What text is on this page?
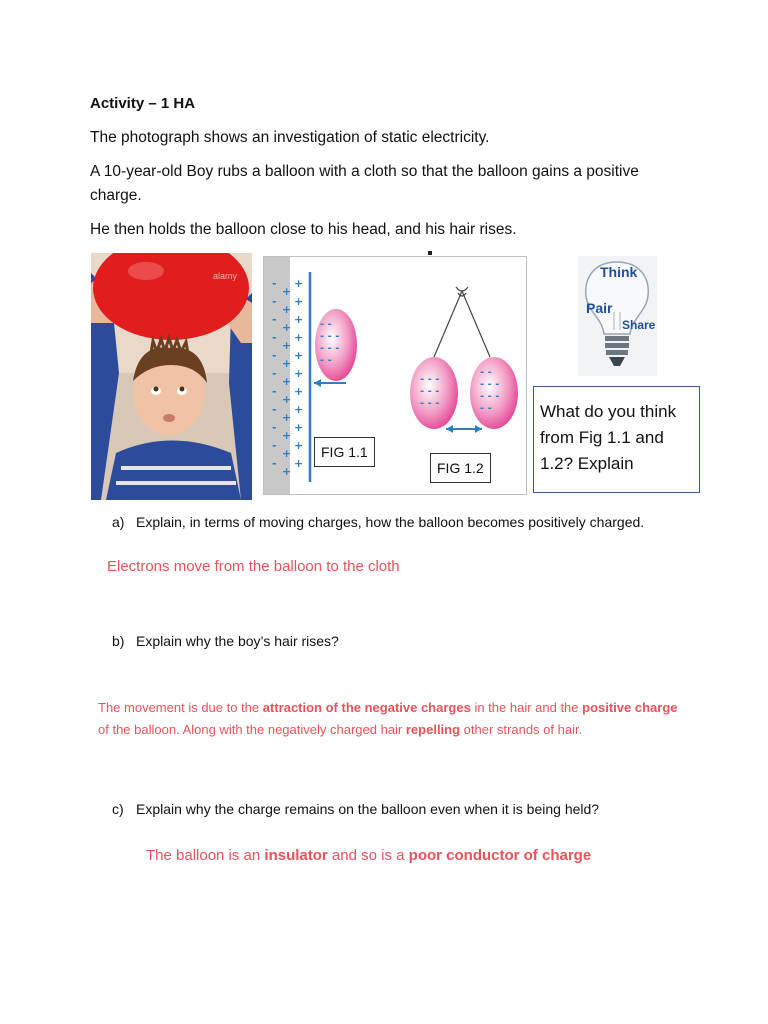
Activity – 1 HA
The photograph shows an investigation of static electricity.
A 10-year-old Boy rubs a balloon with a cloth so that the balloon gains a positive charge.
He then holds the balloon close to his head, and his hair rises.
alamy
-
-
-
-
-
-
-
-
-
-
-
+
+
+
+
+
+
+
+
+
+
+
+
+
+
+
+
+
+
+
+
+
+
- -
- - -
- - -
- -
- - -
- - -
- - -
- -
- - -
- - -
- -
FIG 1.1
FIG 1.2
Think
Pair
Share
What do you think from Fig 1.1 and 1.2? Explain
a) Explain, in terms of moving charges, how the balloon becomes positively charged.
Electrons move from the balloon to the cloth
b) Explain why the boy’s hair rises?
The movement is due to the attraction of the negative charges in the hair and the positive charge of the balloon. Along with the negatively charged hair repelling other strands of hair.
c) Explain why the charge remains on the balloon even when it is being held?
The balloon is an insulator and so is a poor conductor of charge
